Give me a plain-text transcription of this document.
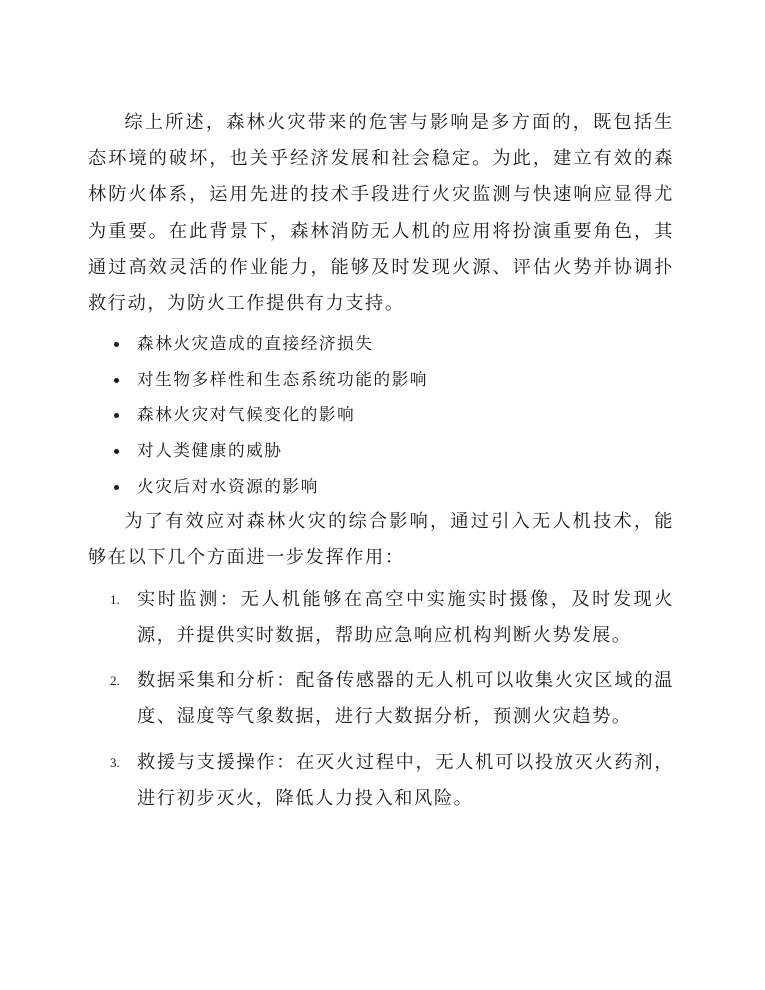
综上所述，森林火灾带来的危害与影响是多方面的，既包括生态环境的破坏，也关乎经济发展和社会稳定。为此，建立有效的森林防火体系，运用先进的技术手段进行火灾监测与快速响应显得尤为重要。在此背景下，森林消防无人机的应用将扮演重要角色，其通过高效灵活的作业能力，能够及时发现火源、评估火势并协调扑救行动，为防火工作提供有力支持。

森林火灾造成的直接经济损失
对生物多样性和生态系统功能的影响
森林火灾对气候变化的影响
对人类健康的威胁
火灾后对水资源的影响

为了有效应对森林火灾的综合影响，通过引入无人机技术，能够在以下几个方面进一步发挥作用：

1. 实时监测：无人机能够在高空中实施实时摄像，及时发现火源，并提供实时数据，帮助应急响应机构判断火势发展。
2. 数据采集和分析：配备传感器的无人机可以收集火灾区域的温度、湿度等气象数据，进行大数据分析，预测火灾趋势。
3. 救援与支援操作：在灭火过程中，无人机可以投放灭火药剂，进行初步灭火，降低人力投入和风险。
